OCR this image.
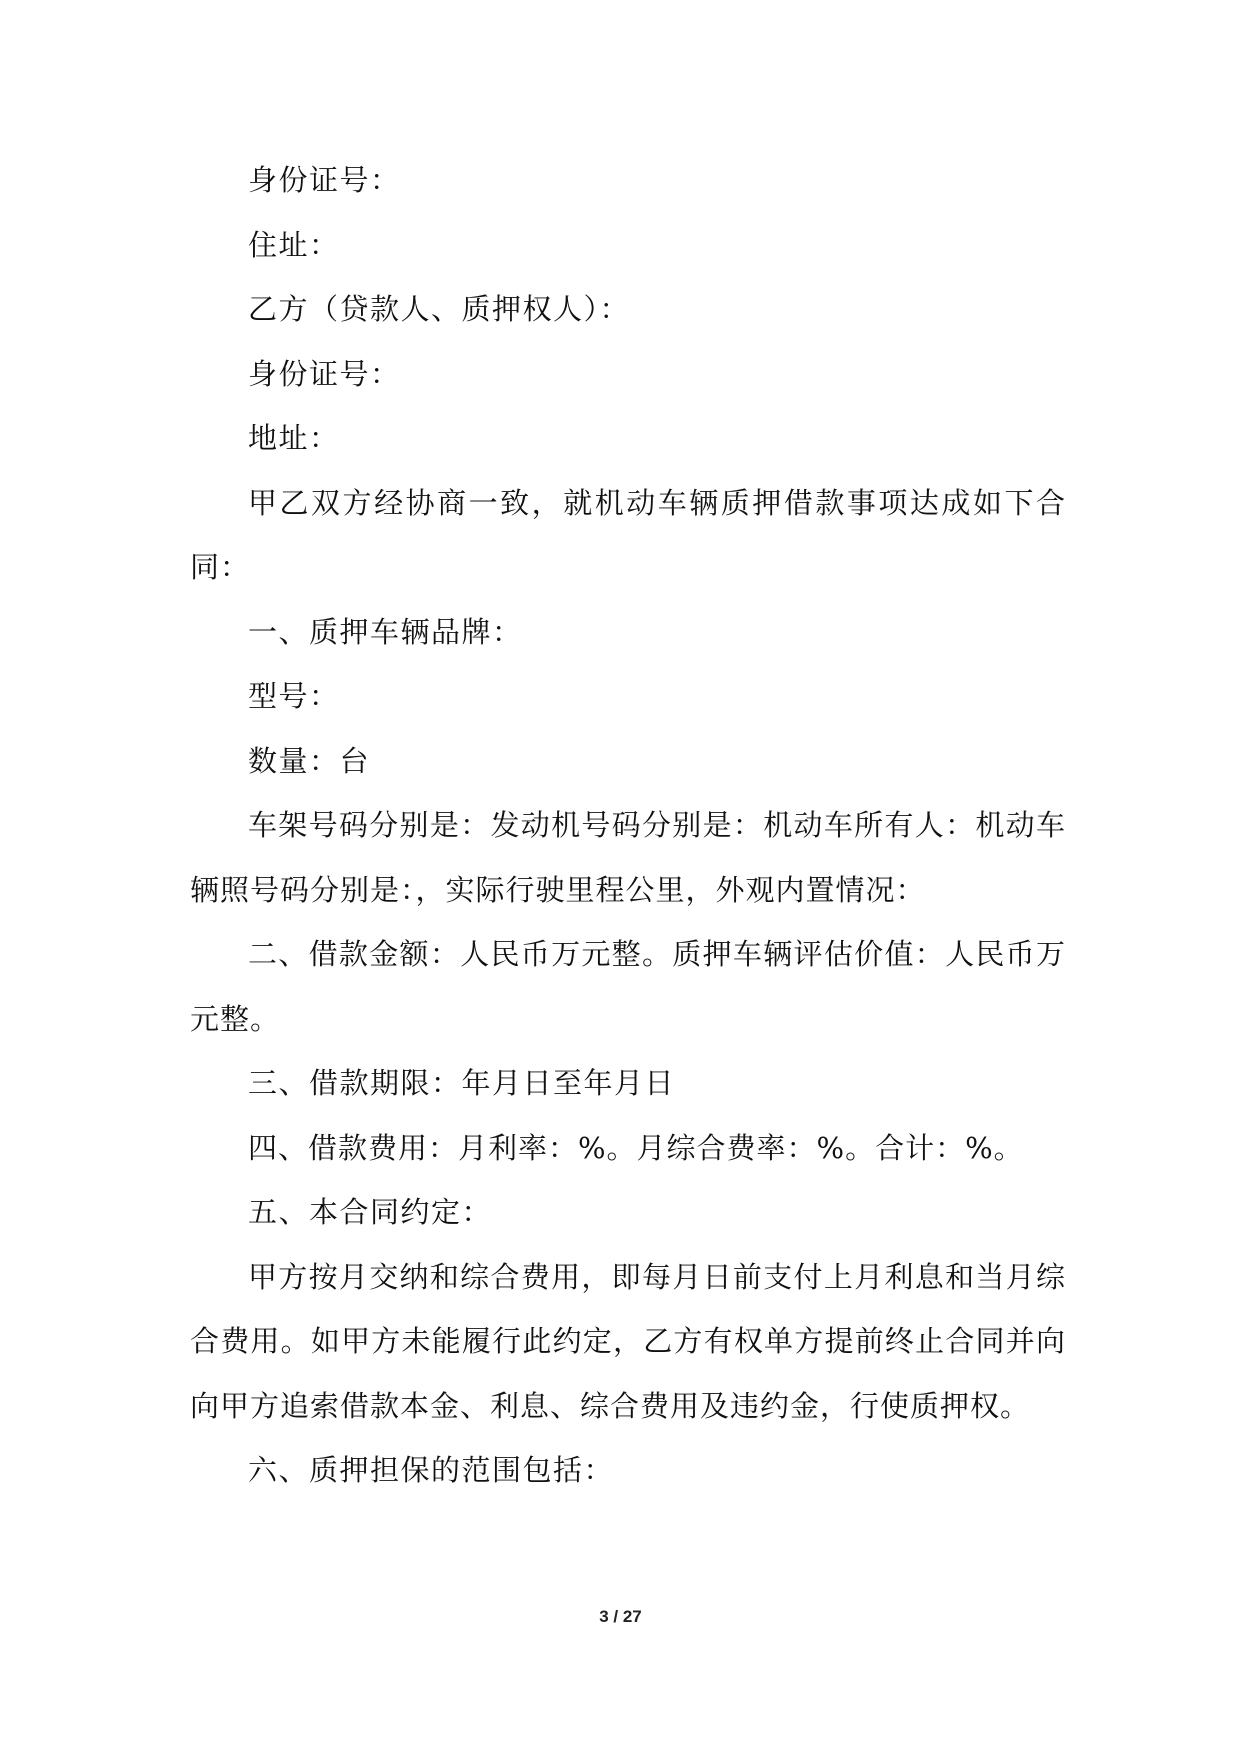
身份证号：

住址：

乙方（贷款人、质押权人）：

身份证号：

地址：

甲乙双方经协商一致，就机动车辆质押借款事项达成如下合同：

一、质押车辆品牌：

型号：

数量：台

车架号码分别是：发动机号码分别是：机动车所有人：机动车辆照号码分别是：，实际行驶里程公里，外观内置情况：

二、借款金额：人民币万元整。质押车辆评估价值：人民币万元整。

三、借款期限：年月日至年月日

四、借款费用：月利率：%。月综合费率：%。合计：%。

五、本合同约定：

甲方按月交纳和综合费用，即每月日前支付上月利息和当月综合费用。如甲方未能履行此约定，乙方有权单方提前终止合同并向向甲方追索借款本金、利息、综合费用及违约金，行使质押权。

六、质押担保的范围包括：

3 / 27
